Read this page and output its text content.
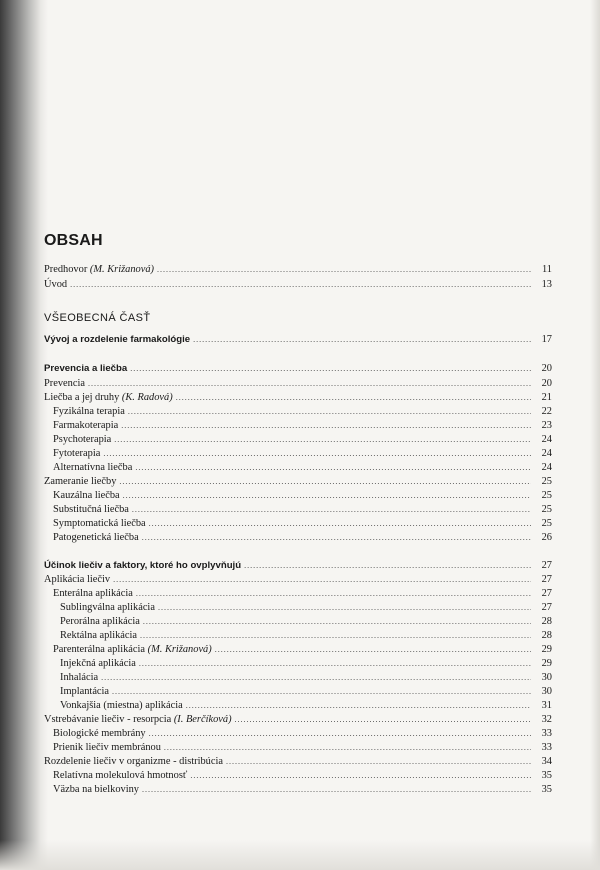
OBSAH
VŠEOBECNÁ ČASŤ
Predhovor (M. Križanová) .....	11
Úvod .....	13
Vývoj a rozdelenie farmakológie .....	17
Prevencia a liečba .....	20
Prevencia .....	20
Liečba a jej druhy (K. Radová) .....	21
Fyzikálna terapia .....	22
Farmakoterapia .....	23
Psychoterapia .....	24
Fytoterapia .....	24
Alternatívna liečba .....	24
Zameranie liečby .....	25
Kauzálna liečba .....	25
Substitučná liečba .....	25
Symptomatická liečba .....	25
Patogenetická liečba .....	26
Účinok liečiv a faktory, ktoré ho ovplyvňujú .....	27
Aplikácia liečiv .....	27
Enterálna aplikácia .....	27
Sublingválna aplikácia .....	27
Perorálna aplikácia .....	28
Rektálna aplikácia .....	28
Parenterálna aplikácia (M. Križanová) .....	29
Injekčná aplikácia .....	29
Inhalácia .....	30
Implantácia .....	30
Vonkajšia (miestna) aplikácia .....	31
Vstrebávanie liečiv - resorpcia (I. Berčíková) .....	32
Biologické membrány .....	33
Prienik liečiv membránou .....	33
Rozdelenie liečiv v organizme - distribúcia .....	34
Relatívna molekulová hmotnosť .....	35
Väzba na bielkoviny .....	35
